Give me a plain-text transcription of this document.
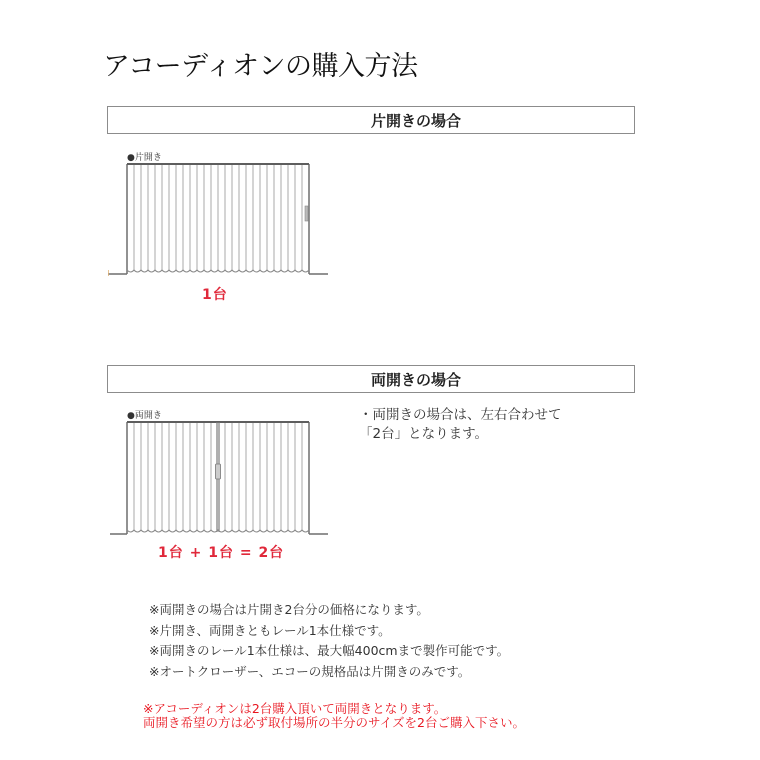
アコーディオンの購入方法
片開きの場合
●片開き
1台
両開きの場合
●両開き
1台 + 1台 = 2台
・両開きの場合は、左右合わせて
「2台」となります。
※両開きの場合は片開き2台分の価格になります。
※片開き、両開きともレール1本仕様です。
※両開きのレール1本仕様は、最大幅400cmまで製作可能です。
※オートクローザー、エコーの規格品は片開きのみです。
※アコーディオンは2台購入頂いて両開きとなります。
両開き希望の方は必ず取付場所の半分のサイズを2台ご購入下さい。
